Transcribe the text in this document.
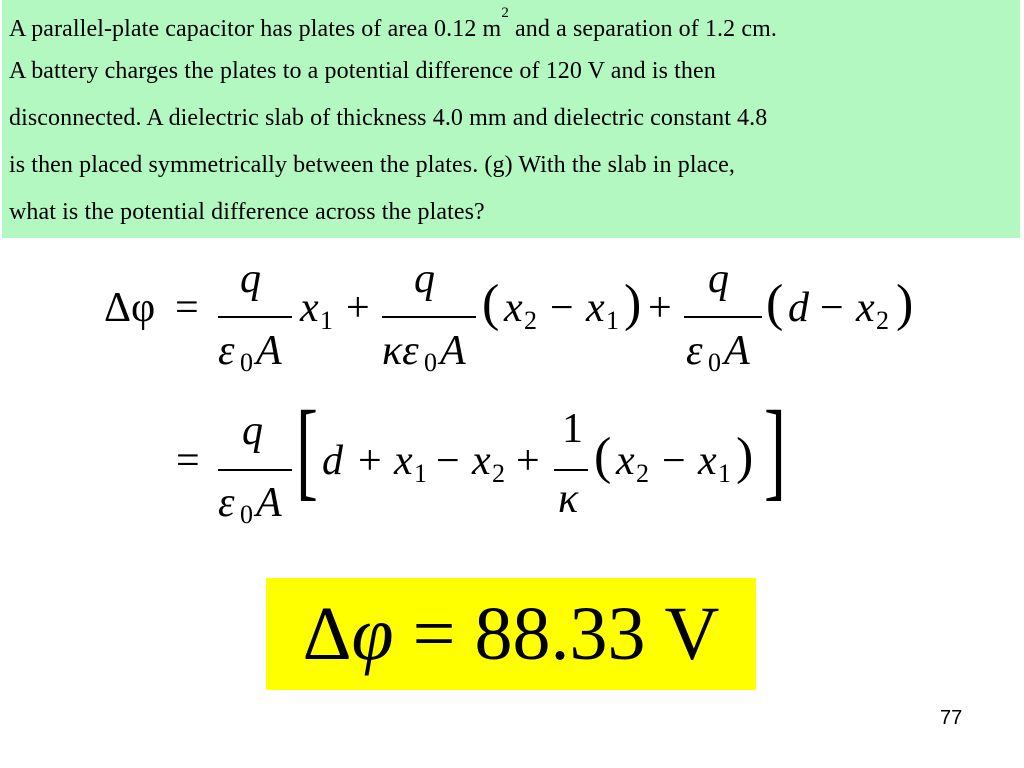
A parallel-plate capacitor has plates of area 0.12 $m^2$ and a separation of 1.2 cm.
A battery charges the plates to a potential difference of 120 V and is then
disconnected. A dielectric slab of thickness 4.0 mm and dielectric constant 4.8
is then placed symmetrically between the plates. (g) With the slab in place,
what is the potential difference across the plates?
Δφ =
q
ε 0 A
x 1 +
q
κε 0 A
( x 2 − x 1 ) +
q
ε 0 A
( d − x 2 )
=
q
ε 0 A [ d + x 1 − x 2 +
1
κ
( x 2 − x 1 ) ]
Δφ = 88.33 V
77
